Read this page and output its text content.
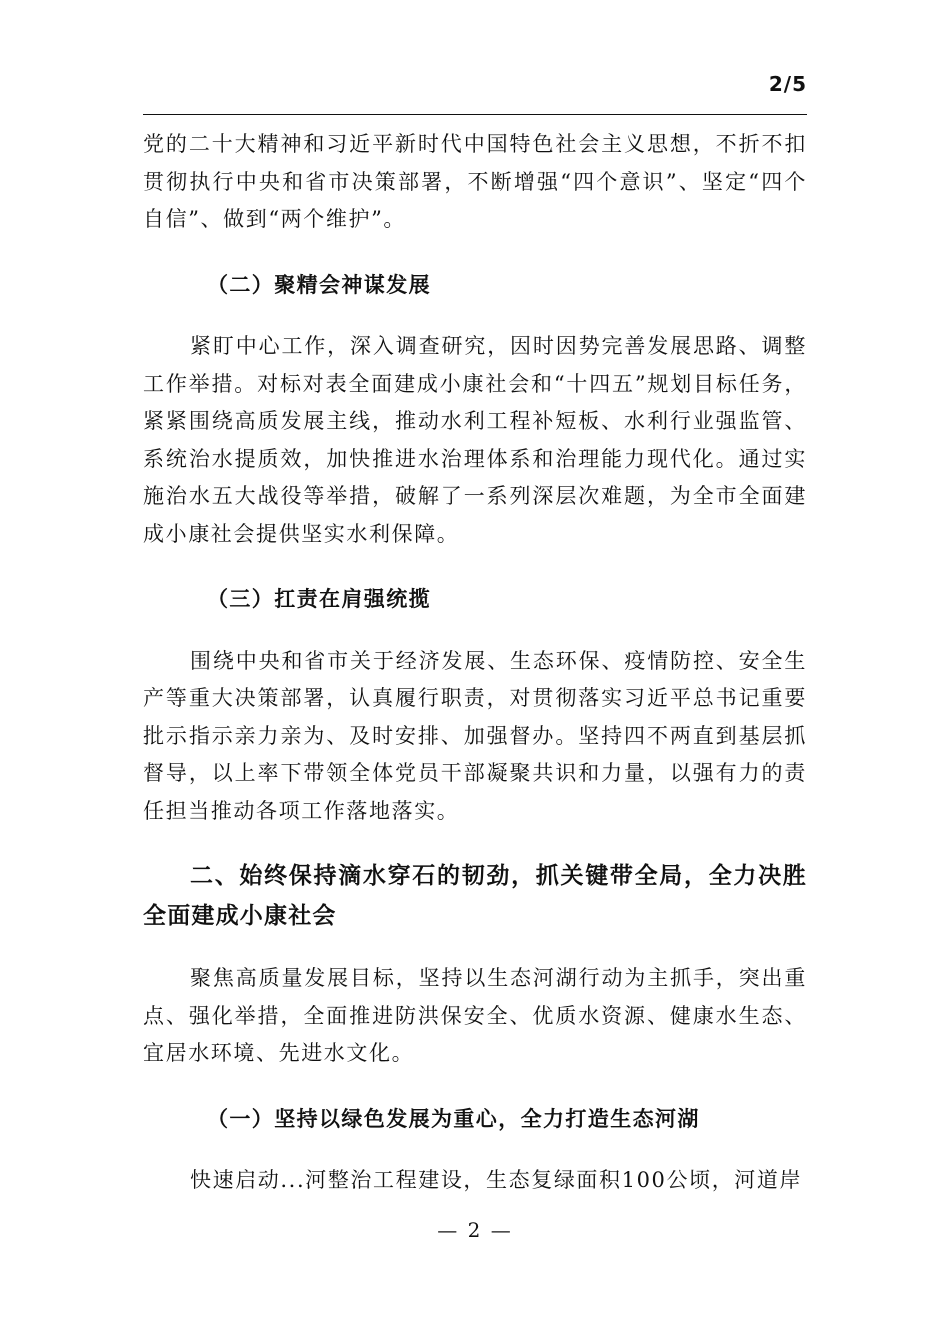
2/5

党的二十大精神和习近平新时代中国特色社会主义思想，不折不扣贯彻执行中央和省市决策部署，不断增强“四个意识”、坚定“四个自信”、做到“两个维护”。

（二）聚精会神谋发展

紧盯中心工作，深入调查研究，因时因势完善发展思路、调整工作举措。对标对表全面建成小康社会和“十四五”规划目标任务，紧紧围绕高质发展主线，推动水利工程补短板、水利行业强监管、系统治水提质效，加快推进水治理体系和治理能力现代化。通过实施治水五大战役等举措，破解了一系列深层次难题，为全市全面建成小康社会提供坚实水利保障。

（三）扛责在肩强统揽

围绕中央和省市关于经济发展、生态环保、疫情防控、安全生产等重大决策部署，认真履行职责，对贯彻落实习近平总书记重要批示指示亲力亲为、及时安排、加强督办。坚持四不两直到基层抓督导，以上率下带领全体党员干部凝聚共识和力量，以强有力的责任担当推动各项工作落地落实。

二、始终保持滴水穿石的韧劲，抓关键带全局，全力决胜全面建成小康社会

聚焦高质量发展目标，坚持以生态河湖行动为主抓手，突出重点、强化举措，全面推进防洪保安全、优质水资源、健康水生态、宜居水环境、先进水文化。

（一）坚持以绿色发展为重心，全力打造生态河湖

快速启动...河整治工程建设，生态复绿面积100公顷，河道岸

— 2 —
